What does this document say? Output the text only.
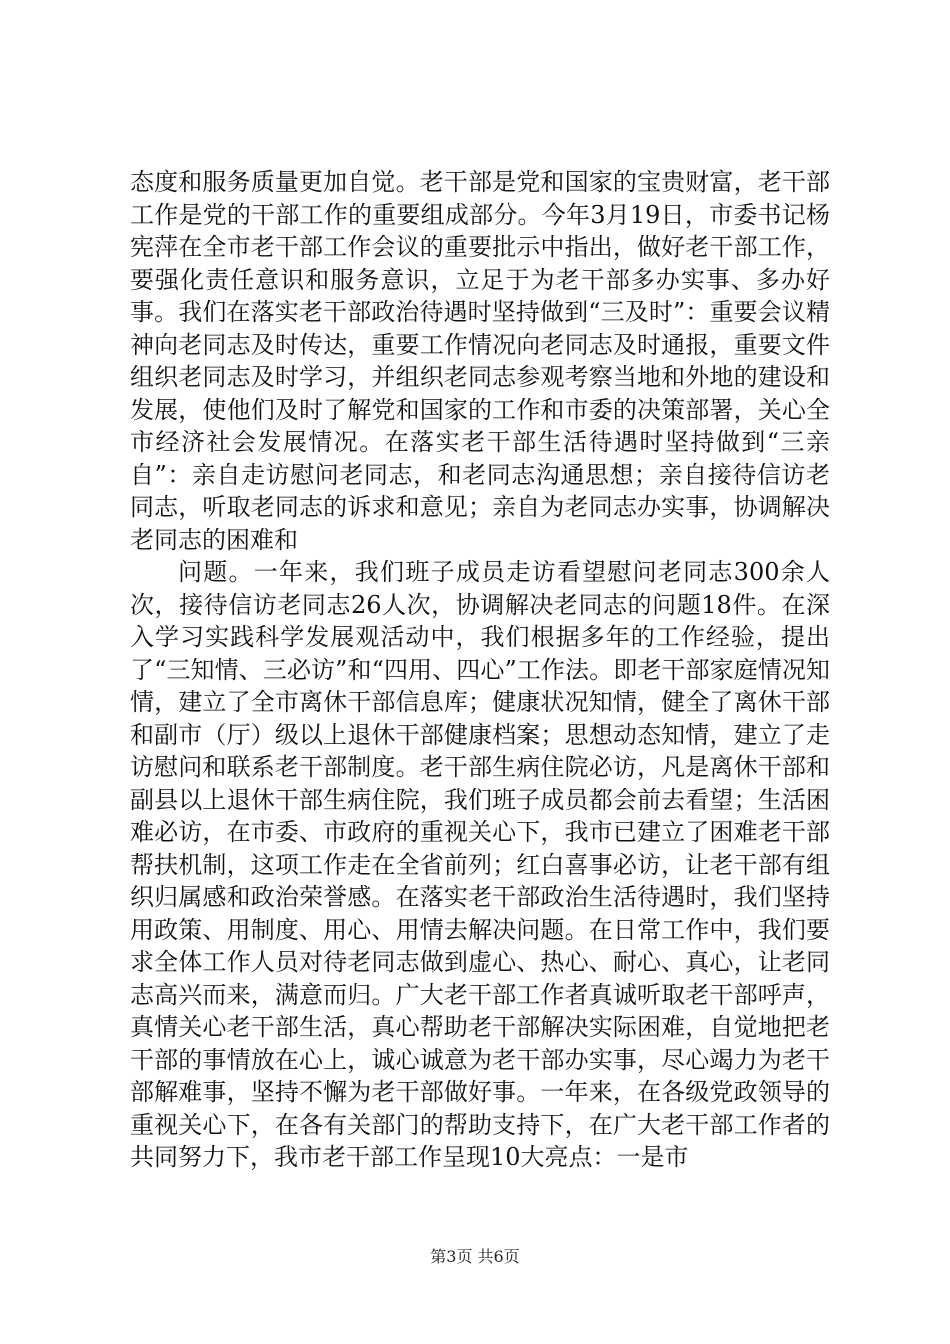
态度和服务质量更加自觉。老干部是党和国家的宝贵财富，老干部工作是党的干部工作的重要组成部分。今年3月19日，市委书记杨宪萍在全市老干部工作会议的重要批示中指出，做好老干部工作，要强化责任意识和服务意识，立足于为老干部多办实事、多办好事。我们在落实老干部政治待遇时坚持做到“三及时”：重要会议精神向老同志及时传达，重要工作情况向老同志及时通报，重要文件组织老同志及时学习，并组织老同志参观考察当地和外地的建设和发展，使他们及时了解党和国家的工作和市委的决策部署，关心全市经济社会发展情况。在落实老干部生活待遇时坚持做到“三亲自”：亲自走访慰问老同志，和老同志沟通思想；亲自接待信访老同志，听取老同志的诉求和意见；亲自为老同志办实事，协调解决老同志的困难和

问题。一年来，我们班子成员走访看望慰问老同志300余人次，接待信访老同志26人次，协调解决老同志的问题18件。在深入学习实践科学发展观活动中，我们根据多年的工作经验，提出了“三知情、三必访”和“四用、四心”工作法。即老干部家庭情况知情，建立了全市离休干部信息库；健康状况知情，健全了离休干部和副市（厅）级以上退休干部健康档案；思想动态知情，建立了走访慰问和联系老干部制度。老干部生病住院必访，凡是离休干部和副县以上退休干部生病住院，我们班子成员都会前去看望；生活困难必访，在市委、市政府的重视关心下，我市已建立了困难老干部帮扶机制，这项工作走在全省前列；红白喜事必访，让老干部有组织归属感和政治荣誉感。在落实老干部政治生活待遇时，我们坚持用政策、用制度、用心、用情去解决问题。在日常工作中，我们要求全体工作人员对待老同志做到虚心、热心、耐心、真心，让老同志高兴而来，满意而归。广大老干部工作者真诚听取老干部呼声，真情关心老干部生活，真心帮助老干部解决实际困难，自觉地把老干部的事情放在心上，诚心诚意为老干部办实事，尽心竭力为老干部解难事，坚持不懈为老干部做好事。一年来，在各级党政领导的重视关心下，在各有关部门的帮助支持下，在广大老干部工作者的共同努力下，我市老干部工作呈现10大亮点：一是市

第3页 共6页
